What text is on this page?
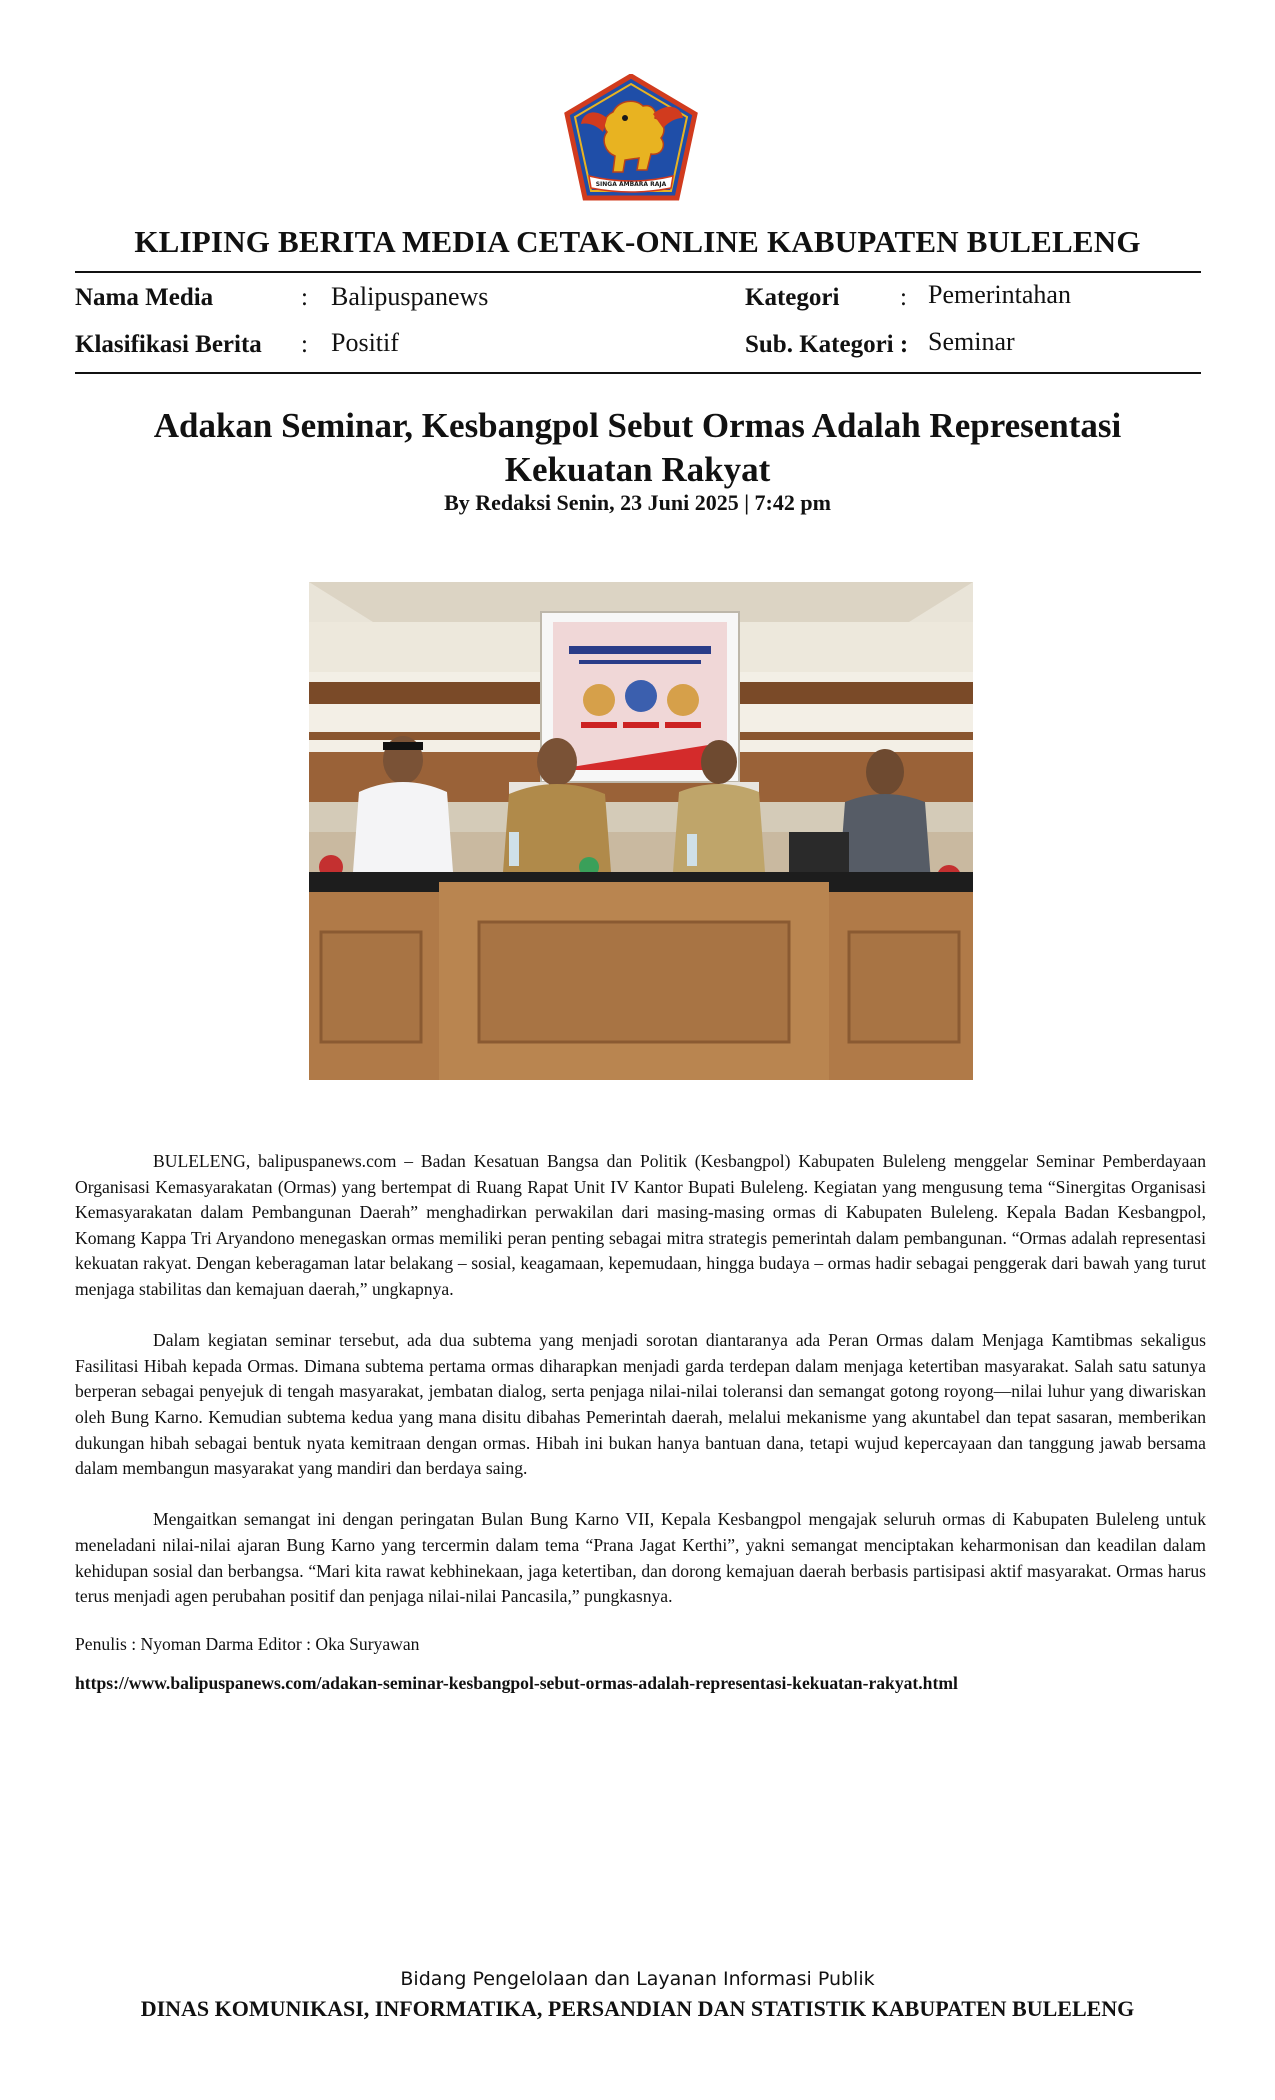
SINGA AMBARA RAJA
KLIPING BERITA MEDIA CETAK-ONLINE KABUPATEN BULELENG
Nama Media	: Balipuspanews	Kategori : Pemerintahan
Klasifikasi Berita : Positif	Sub. Kategori : Seminar
Adakan Seminar, Kesbangpol Sebut Ormas Adalah Representasi
Kekuatan Rakyat
By Redaksi Senin, 23 Juni 2025 | 7:42 pm

BULELENG, balipuspanews.com – Badan Kesatuan Bangsa dan Politik (Kesbangpol) Kabupaten Buleleng menggelar Seminar Pemberdayaan Organisasi Kemasyarakatan (Ormas) yang bertempat di Ruang Rapat Unit IV Kantor Bupati Buleleng. Kegiatan yang mengusung tema “Sinergitas Organisasi Kemasyarakatan dalam Pembangunan Daerah” menghadirkan perwakilan dari masing-masing ormas di Kabupaten Buleleng. Kepala Badan Kesbangpol, Komang Kappa Tri Aryandono menegaskan ormas memiliki peran penting sebagai mitra strategis pemerintah dalam pembangunan. “Ormas adalah representasi kekuatan rakyat. Dengan keberagaman latar belakang – sosial, keagamaan, kepemudaan, hingga budaya – ormas hadir sebagai penggerak dari bawah yang turut menjaga stabilitas dan kemajuan daerah,” ungkapnya.

Dalam kegiatan seminar tersebut, ada dua subtema yang menjadi sorotan diantaranya ada Peran Ormas dalam Menjaga Kamtibmas sekaligus Fasilitasi Hibah kepada Ormas. Dimana subtema pertama ormas diharapkan menjadi garda terdepan dalam menjaga ketertiban masyarakat. Salah satu satunya berperan sebagai penyejuk di tengah masyarakat, jembatan dialog, serta penjaga nilai-nilai toleransi dan semangat gotong royong—nilai luhur yang diwariskan oleh Bung Karno. Kemudian subtema kedua yang mana disitu dibahas Pemerintah daerah, melalui mekanisme yang akuntabel dan tepat sasaran, memberikan dukungan hibah sebagai bentuk nyata kemitraan dengan ormas. Hibah ini bukan hanya bantuan dana, tetapi wujud kepercayaan dan tanggung jawab bersama dalam membangun masyarakat yang mandiri dan berdaya saing.

Mengaitkan semangat ini dengan peringatan Bulan Bung Karno VII, Kepala Kesbangpol mengajak seluruh ormas di Kabupaten Buleleng untuk meneladani nilai-nilai ajaran Bung Karno yang tercermin dalam tema “Prana Jagat Kerthi”, yakni semangat menciptakan keharmonisan dan keadilan dalam kehidupan sosial dan berbangsa. “Mari kita rawat kebhinekaan, jaga ketertiban, dan dorong kemajuan daerah berbasis partisipasi aktif masyarakat. Ormas harus terus menjadi agen perubahan positif dan penjaga nilai-nilai Pancasila,” pungkasnya.

Penulis : Nyoman Darma Editor : Oka Suryawan

https://www.balipuspanews.com/adakan-seminar-kesbangpol-sebut-ormas-adalah-representasi-kekuatan-rakyat.html

Bidang Pengelolaan dan Layanan Informasi Publik
DINAS KOMUNIKASI, INFORMATIKA, PERSANDIAN DAN STATISTIK KABUPATEN BULELENG
